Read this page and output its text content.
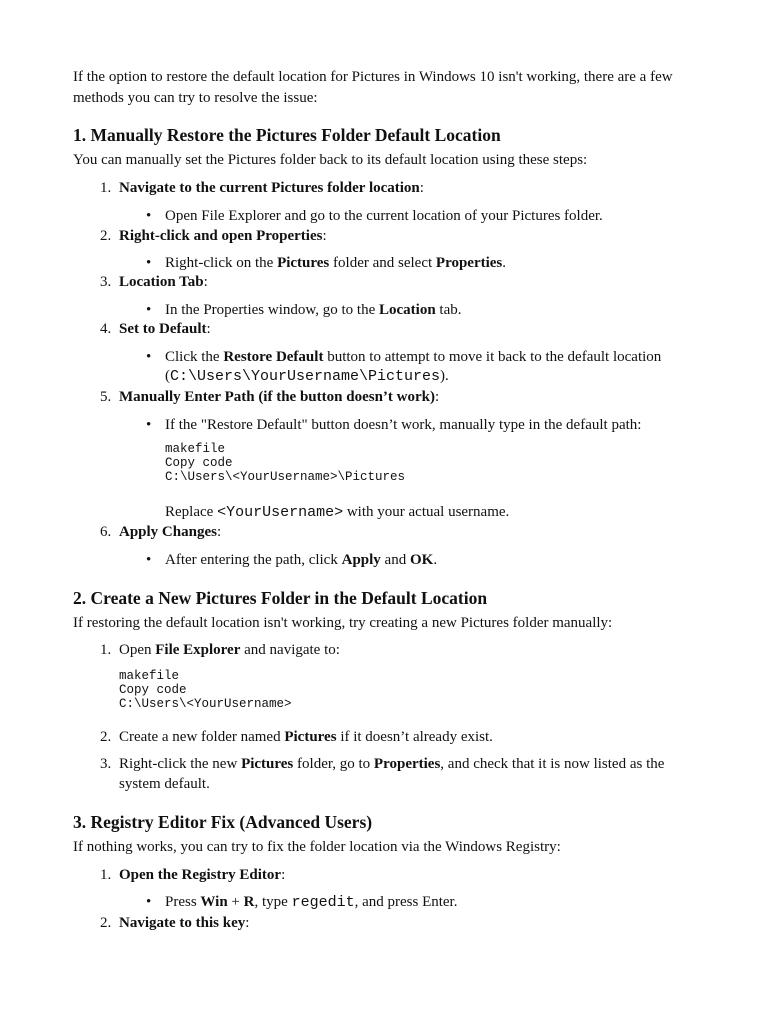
If the option to restore the default location for Pictures in Windows 10 isn't working, there are a few

methods you can try to resolve the issue:

1. Manually Restore the Pictures Folder Default Location

You can manually set the Pictures folder back to its default location using these steps:

1. Navigate to the current Pictures folder location:
• Open File Explorer and go to the current location of your Pictures folder.
2. Right-click and open Properties:
• Right-click on the Pictures folder and select Properties.
3. Location Tab:
• In the Properties window, go to the Location tab.
4. Set to Default:
• Click the Restore Default button to attempt to move it back to the default location
(C:\Users\YourUsername\Pictures).
5. Manually Enter Path (if the button doesn’t work):
• If the "Restore Default" button doesn’t work, manually type in the default path:
makefile
Copy code
C:\Users\<YourUsername>\Pictures
Replace <YourUsername> with your actual username.
6. Apply Changes:
• After entering the path, click Apply and OK.
2. Create a New Pictures Folder in the Default Location

If restoring the default location isn't working, try creating a new Pictures folder manually:

1. Open File Explorer and navigate to:
makefile
Copy code
C:\Users\<YourUsername>
2. Create a new folder named Pictures if it doesn’t already exist.
3. Right-click the new Pictures folder, go to Properties, and check that it is now listed as the
system default.
3. Registry Editor Fix (Advanced Users)

If nothing works, you can try to fix the folder location via the Windows Registry:

1. Open the Registry Editor:
• Press Win + R, type regedit, and press Enter.
2. Navigate to this key:
